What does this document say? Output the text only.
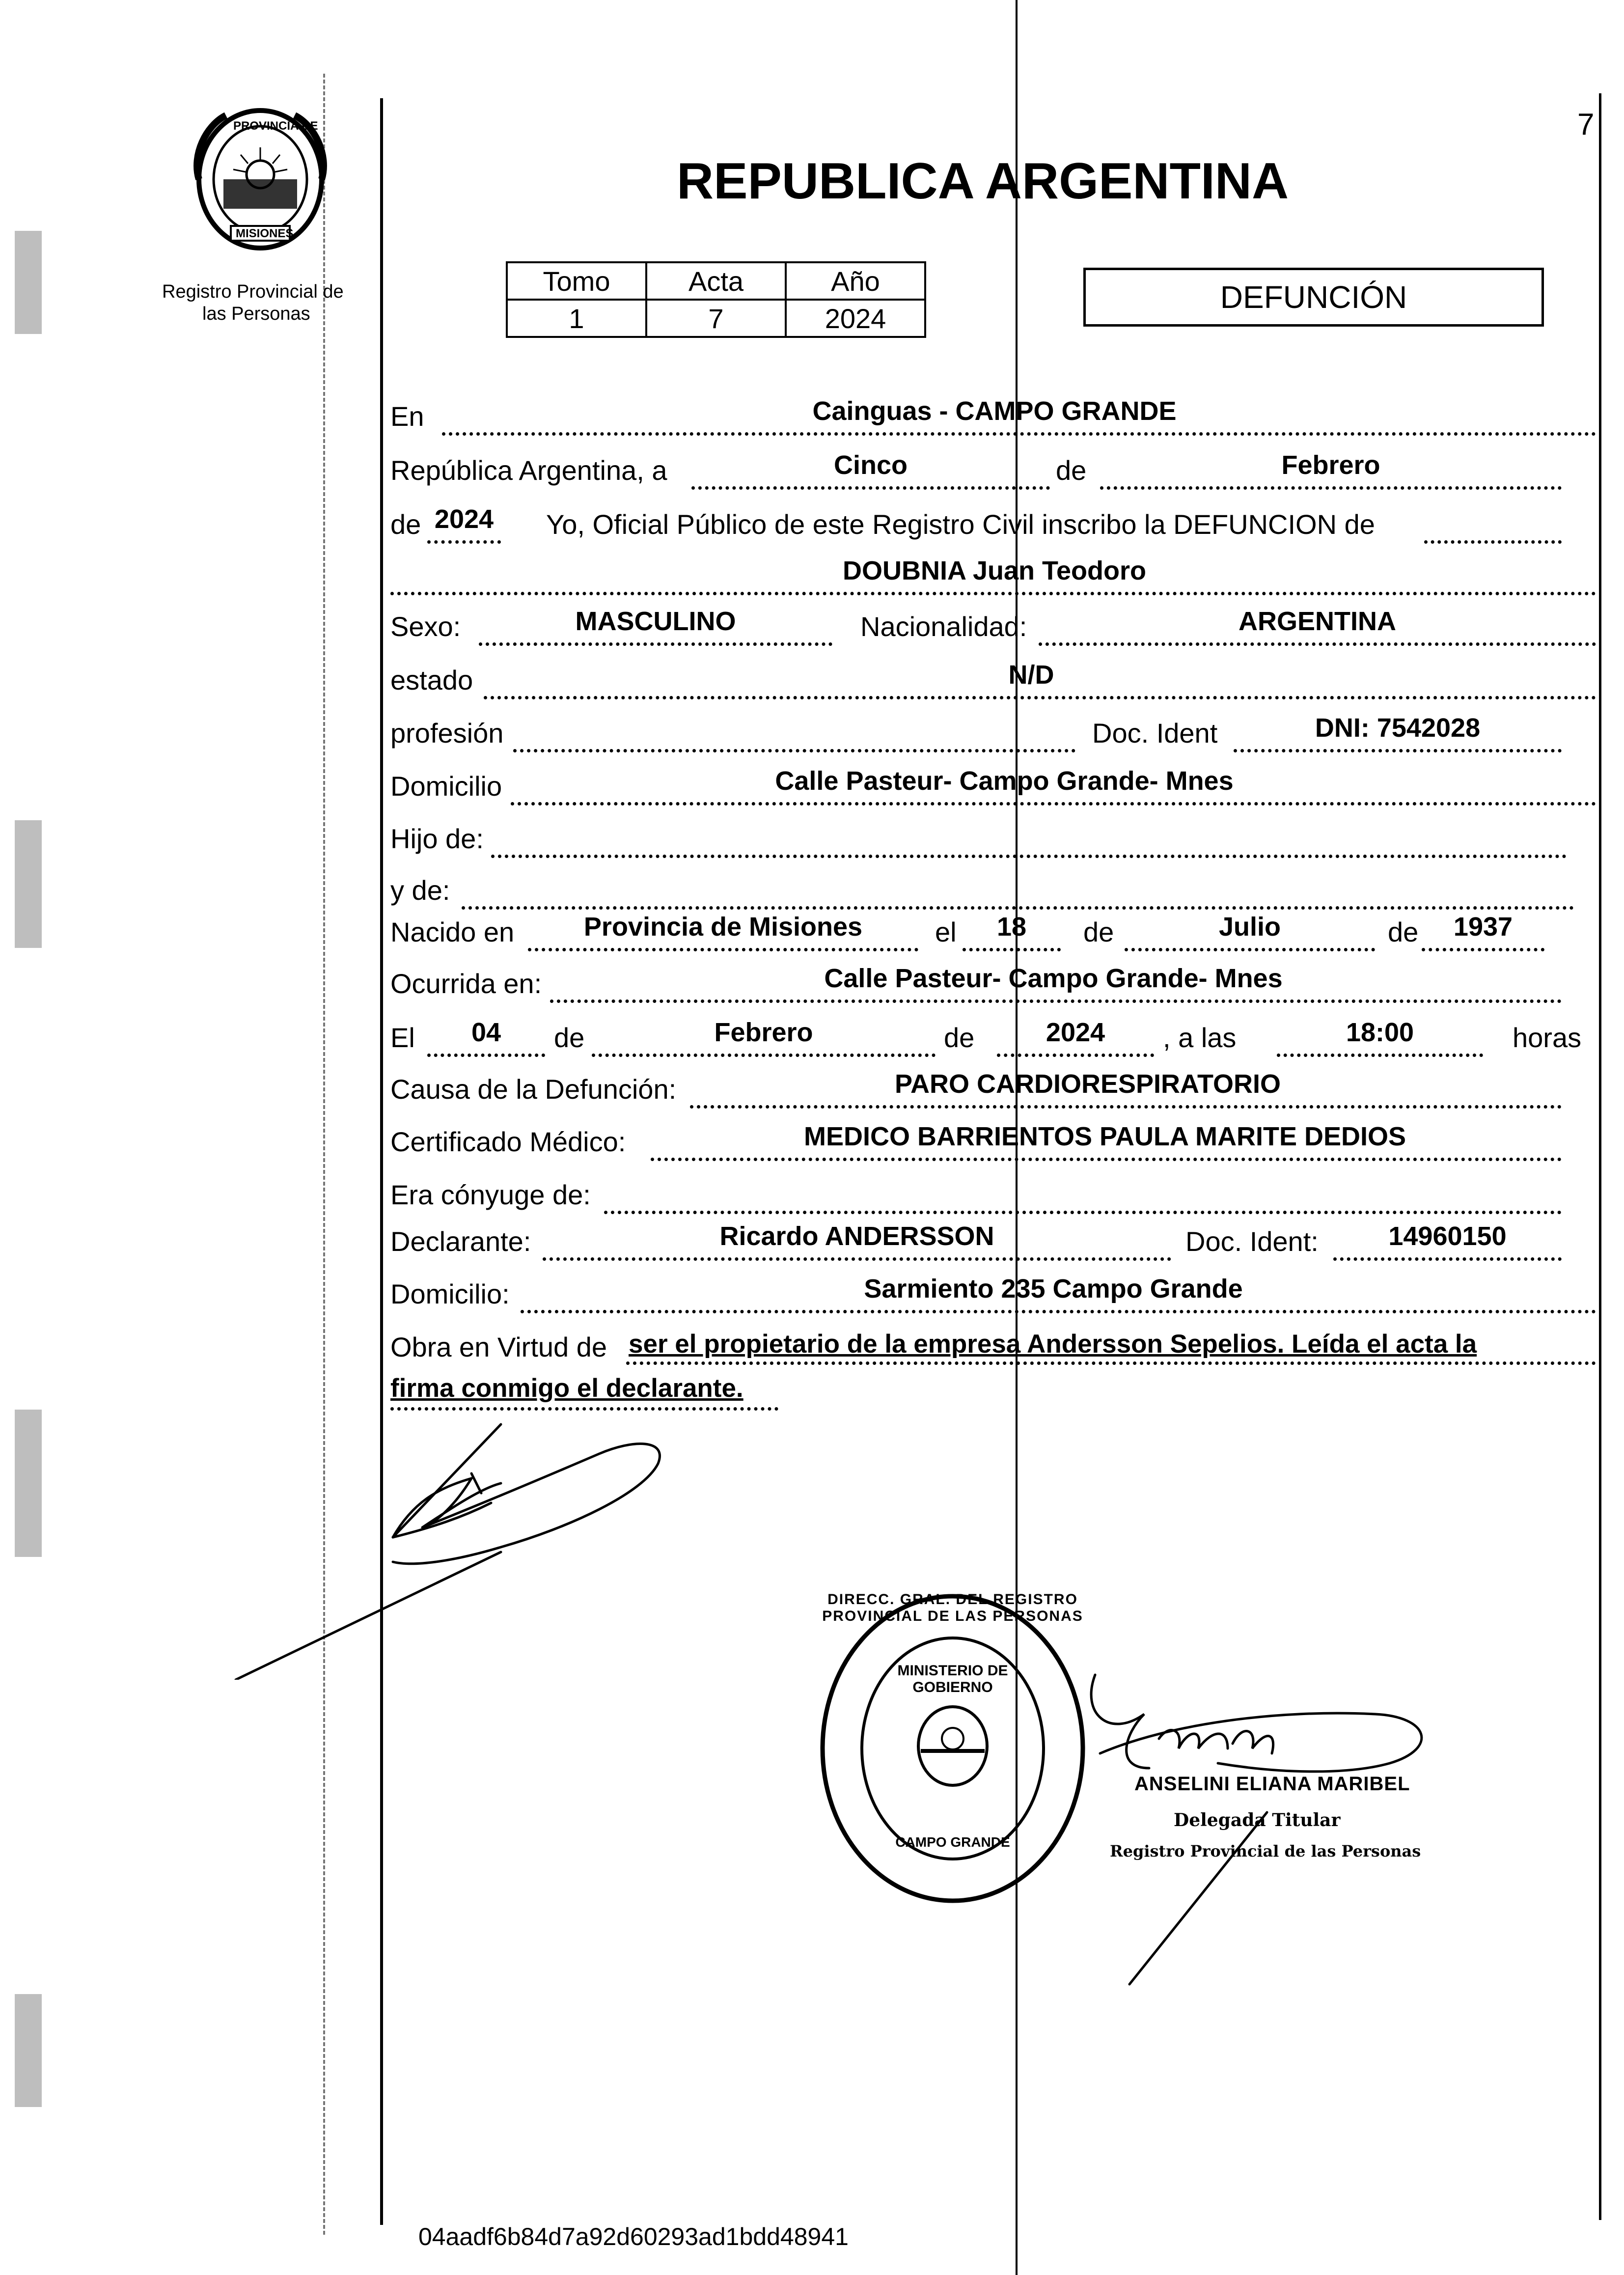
PROVINCIA DE
MISIONES
Registro Provincial de
las Personas
7
REPUBLICA ARGENTINA
Tomo	Acta	Año
1	7	2024
DEFUNCIÓN
En	Cainguas - CAMPO GRANDE
República Argentina, a	Cinco	de	Febrero
de 2024 Yo, Oficial Público de este Registro Civil inscribo la DEFUNCION de
DOUBNIA Juan Teodoro
Sexo:	MASCULINO	Nacionalidad:	ARGENTINA
estado	N/D
profesión	Doc. Ident	DNI: 7542028
Domicilio	Calle Pasteur- Campo Grande- Mnes
Hijo de:
y de:
Nacido en	Provincia de Misiones	el	18	de	Julio	de	1937
Ocurrida en:	Calle Pasteur- Campo Grande- Mnes
El	04	de	Febrero	de	2024	, a las	18:00	horas
Causa de la Defunción:	PARO CARDIORESPIRATORIO
Certificado Médico:	MEDICO BARRIENTOS PAULA MARITE DEDIOS
Era cónyuge de:
Declarante:	Ricardo ANDERSSON	Doc. Ident:	14960150
Domicilio:	Sarmiento 235 Campo Grande
Obra en Virtud de ser el propietario de la empresa Andersson Sepelios. Leída el acta la
firma conmigo el declarante.
DIRECC. GRAL. DEL REGISTRO PROVINCIAL DE LAS PERSONAS
MINISTERIO DE GOBIERNO
CAMPO GRANDE
ANSELINI ELIANA MARIBEL
Delegada Titular
Registro Provincial de las Personas
04aadf6b84d7a92d60293ad1bdd48941
